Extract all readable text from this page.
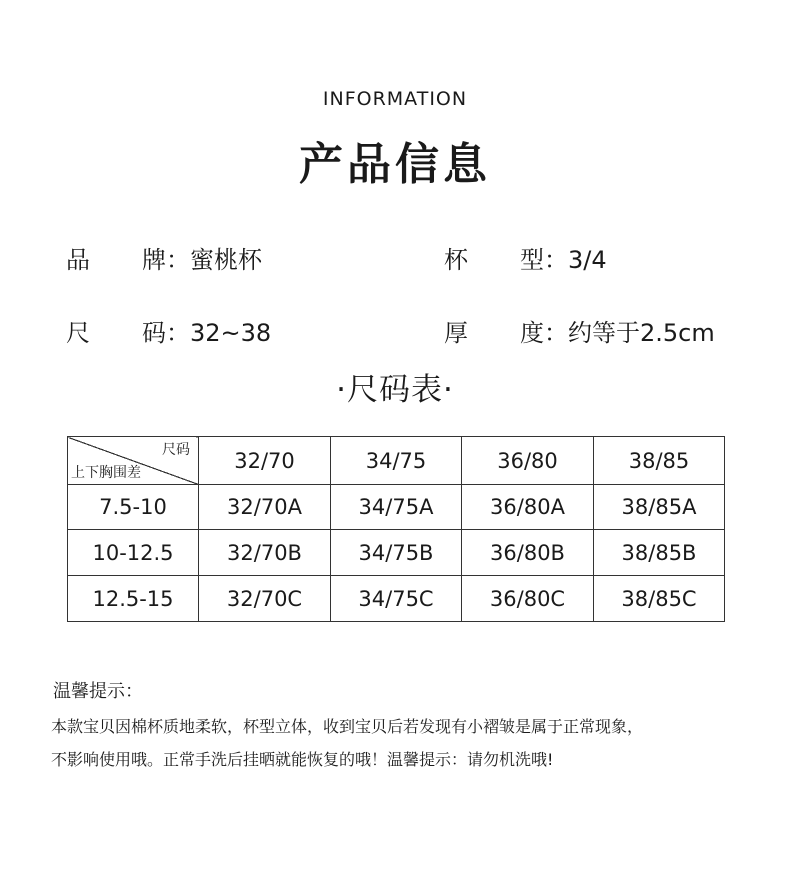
INFORMATION
产品信息
品 牌：蜜桃杯	杯 型：3/4
尺 码：32~38	厚 度：约等于2.5cm
·尺码表·
尺码
上下胸围差	32/70	34/75	36/80	38/85
7.5-10	32/70A	34/75A	36/80A	38/85A
10-12.5	32/70B	34/75B	36/80B	38/85B
12.5-15	32/70C	34/75C	36/80C	38/85C
温馨提示：
本款宝贝因棉杯质地柔软，杯型立体，收到宝贝后若发现有小褶皱是属于正常现象，
不影响使用哦。正常手洗后挂晒就能恢复的哦！温馨提示：请勿机洗哦!
